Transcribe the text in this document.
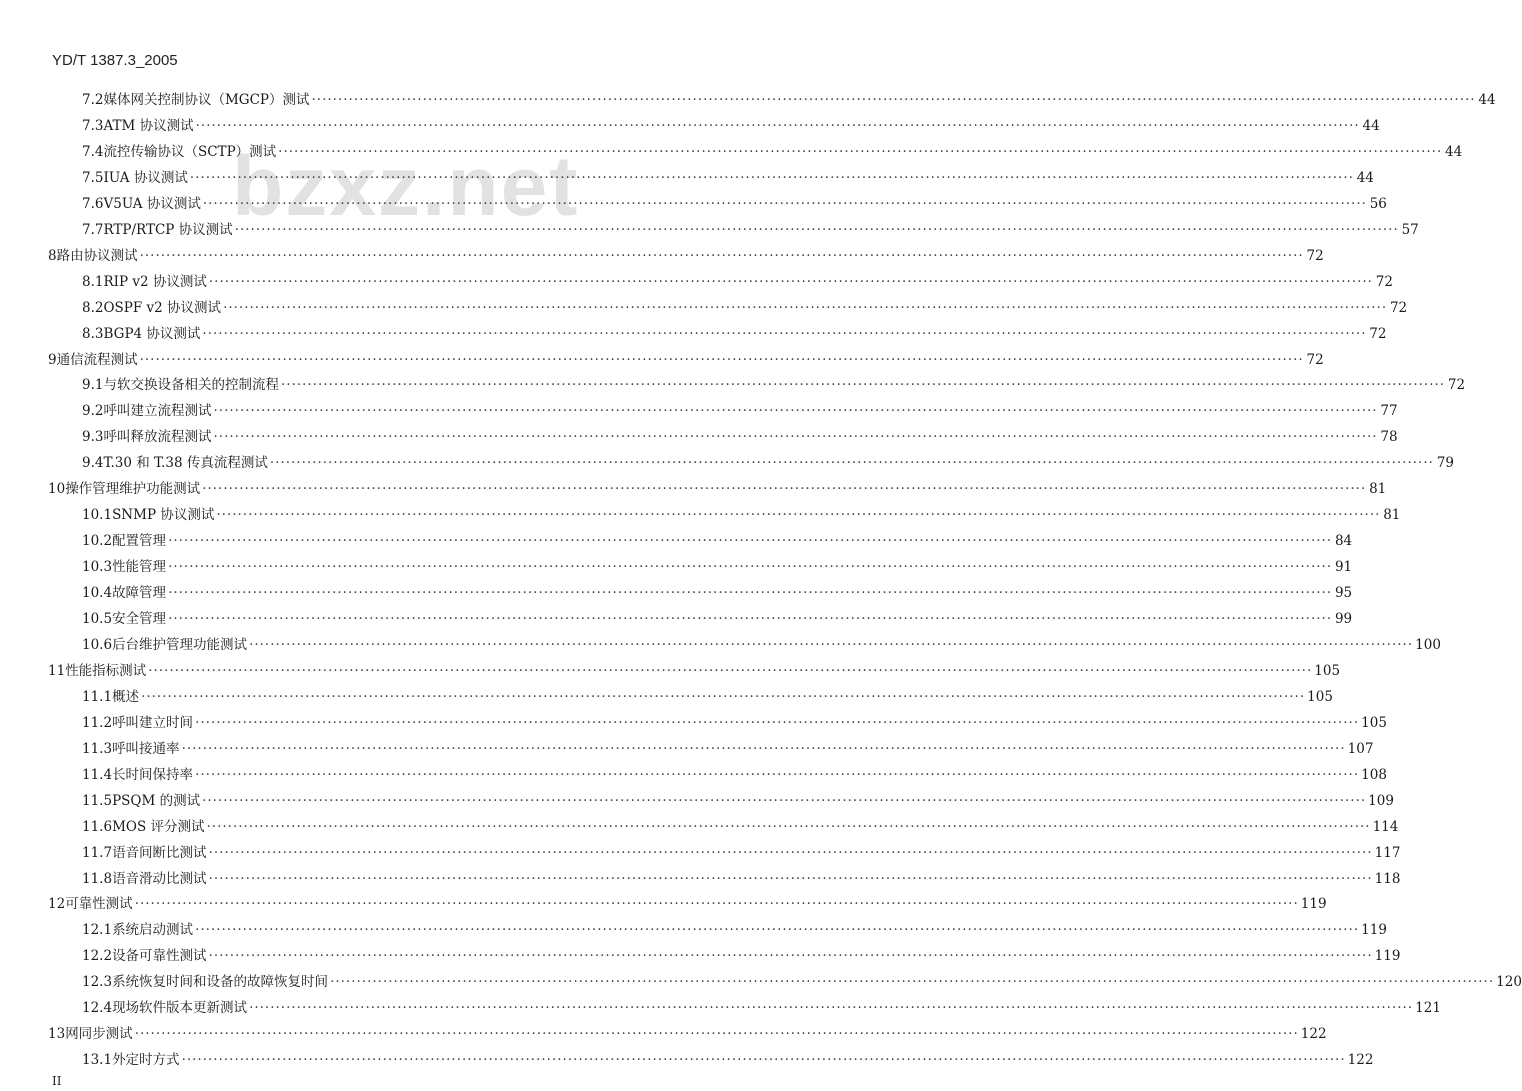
YD/T 1387.3_2005
bzxz.net
7.2 媒体网关控制协议（MGCP）测试 ···························································································································································································································· 44
7.3 ATM 协议测试 ···························································································································································································································· 44
7.4 流控传输协议（SCTP）测试 ···························································································································································································································· 44
7.5 IUA 协议测试 ···························································································································································································································· 44
7.6 V5UA 协议测试 ···························································································································································································································· 56
7.7 RTP/RTCP 协议测试 ···························································································································································································································· 57
8 路由协议测试 ···························································································································································································································· 72
8.1 RIP v2 协议测试 ···························································································································································································································· 72
8.2 OSPF v2 协议测试 ···························································································································································································································· 72
8.3 BGP4 协议测试 ···························································································································································································································· 72
9 通信流程测试 ···························································································································································································································· 72
9.1 与软交换设备相关的控制流程 ···························································································································································································································· 72
9.2 呼叫建立流程测试 ···························································································································································································································· 77
9.3 呼叫释放流程测试 ···························································································································································································································· 78
9.4 T.30 和 T.38 传真流程测试 ···························································································································································································································· 79
10 操作管理维护功能测试 ···························································································································································································································· 81
10.1 SNMP 协议测试 ···························································································································································································································· 81
10.2 配置管理 ···························································································································································································································· 84
10.3 性能管理 ···························································································································································································································· 91
10.4 故障管理 ···························································································································································································································· 95
10.5 安全管理 ···························································································································································································································· 99
10.6 后台维护管理功能测试 ···························································································································································································································· 100
11 性能指标测试 ···························································································································································································································· 105
11.1 概述 ···························································································································································································································· 105
11.2 呼叫建立时间 ···························································································································································································································· 105
11.3 呼叫接通率 ···························································································································································································································· 107
11.4 长时间保持率 ···························································································································································································································· 108
11.5 PSQM 的测试 ···························································································································································································································· 109
11.6 MOS 评分测试 ···························································································································································································································· 114
11.7 语音间断比测试 ···························································································································································································································· 117
11.8 语音滑动比测试 ···························································································································································································································· 118
12 可靠性测试 ···························································································································································································································· 119
12.1 系统启动测试 ···························································································································································································································· 119
12.2 设备可靠性测试 ···························································································································································································································· 119
12.3 系统恢复时间和设备的故障恢复时间 ···························································································································································································································· 120
12.4 现场软件版本更新测试 ···························································································································································································································· 121
13 网同步测试 ···························································································································································································································· 122
13.1 外定时方式 ···························································································································································································································· 122
II
